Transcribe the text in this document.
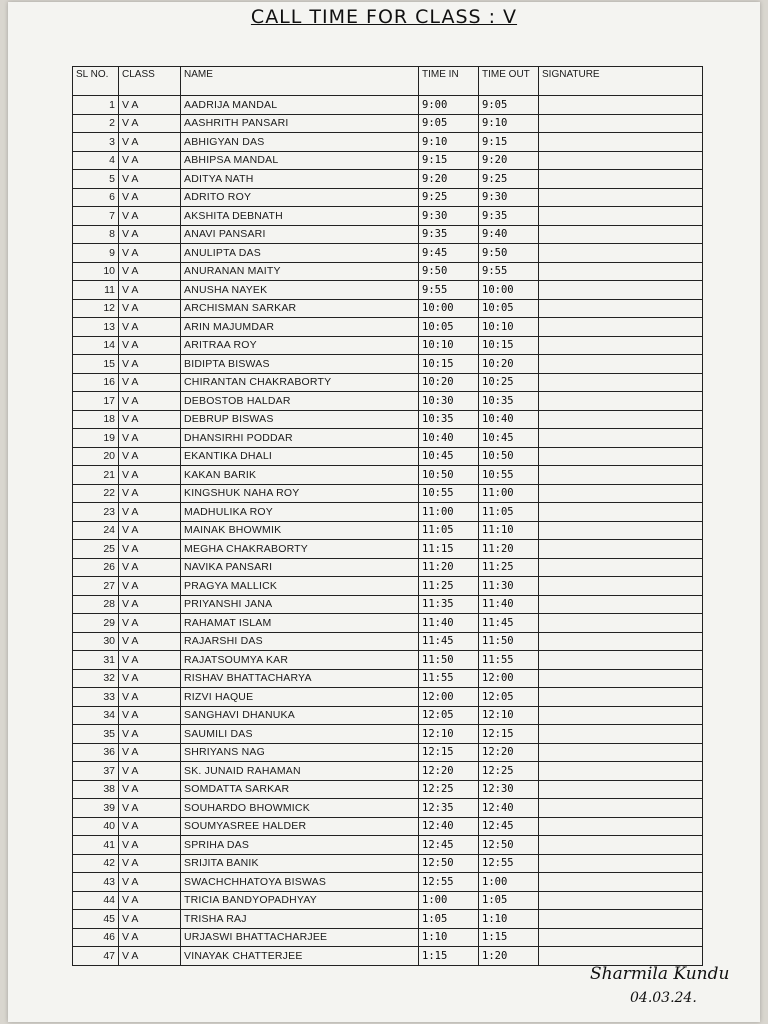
CALL TIME FOR CLASS : V
SL NO.	CLASS	NAME	TIME IN	TIME OUT	SIGNATURE
1	V A	AADRIJA MANDAL	9:00	9:05	
2	V A	AASHRITH PANSARI	9:05	9:10	
3	V A	ABHIGYAN DAS	9:10	9:15	
4	V A	ABHIPSA MANDAL	9:15	9:20	
5	V A	ADITYA NATH	9:20	9:25	
6	V A	ADRITO ROY	9:25	9:30	
7	V A	AKSHITA DEBNATH	9:30	9:35	
8	V A	ANAVI PANSARI	9:35	9:40	
9	V A	ANULIPTA DAS	9:45	9:50	
10	V A	ANURANAN MAITY	9:50	9:55	
11	V A	ANUSHA NAYEK	9:55	10:00	
12	V A	ARCHISMAN SARKAR	10:00	10:05	
13	V A	ARIN MAJUMDAR	10:05	10:10	
14	V A	ARITRAA ROY	10:10	10:15	
15	V A	BIDIPTA BISWAS	10:15	10:20	
16	V A	CHIRANTAN CHAKRABORTY	10:20	10:25	
17	V A	DEBOSTOB HALDAR	10:30	10:35	
18	V A	DEBRUP BISWAS	10:35	10:40	
19	V A	DHANSIRHI PODDAR	10:40	10:45	
20	V A	EKANTIKA DHALI	10:45	10:50	
21	V A	KAKAN BARIK	10:50	10:55	
22	V A	KINGSHUK NAHA ROY	10:55	11:00	
23	V A	MADHULIKA ROY	11:00	11:05	
24	V A	MAINAK BHOWMIK	11:05	11:10	
25	V A	MEGHA CHAKRABORTY	11:15	11:20	
26	V A	NAVIKA PANSARI	11:20	11:25	
27	V A	PRAGYA MALLICK	11:25	11:30	
28	V A	PRIYANSHI JANA	11:35	11:40	
29	V A	RAHAMAT ISLAM	11:40	11:45	
30	V A	RAJARSHI DAS	11:45	11:50	
31	V A	RAJATSOUMYA KAR	11:50	11:55	
32	V A	RISHAV BHATTACHARYA	11:55	12:00	
33	V A	RIZVI HAQUE	12:00	12:05	
34	V A	SANGHAVI DHANUKA	12:05	12:10	
35	V A	SAUMILI DAS	12:10	12:15	
36	V A	SHRIYANS NAG	12:15	12:20	
37	V A	SK. JUNAID RAHAMAN	12:20	12:25	
38	V A	SOMDATTA SARKAR	12:25	12:30	
39	V A	SOUHARDO BHOWMICK	12:35	12:40	
40	V A	SOUMYASREE HALDER	12:40	12:45	
41	V A	SPRIHA DAS	12:45	12:50	
42	V A	SRIJITA BANIK	12:50	12:55	
43	V A	SWACHCHHATOYA BISWAS	12:55	1:00	
44	V A	TRICIA BANDYOPADHYAY	1:00	1:05	
45	V A	TRISHA RAJ	1:05	1:10	
46	V A	URJASWI BHATTACHARJEE	1:10	1:15	
47	V A	VINAYAK CHATTERJEE	1:15	1:20	
Sharmila Kundu
04.03.24.
